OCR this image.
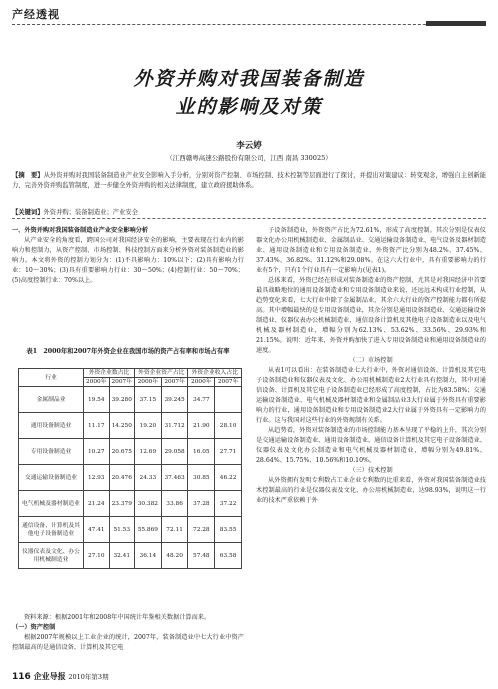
产经透视
外资并购对我国装备制造
业的影响及对策
李云婷
（江西赣粤高速公路股份有限公司，江西 南昌 330025）
【摘　要】从外资并购对我国装备制造业产业安全影响入手分析，分别对资产控制、市场控制、技术控制等层面进行了探讨，并提出对策建议：转变观念，增强自主创新能力，完善外资并购监管制度，进一步健全外资并购的相关法律制度，建立政府援助体系。
【关键词】外资并购；装备制造业；产业安全

一、外资并购对我国装备制造业产业安全影响分析

从产业安全的角度看，跨国公司对我国经济安全的影响，主要表现在行业内的影响力和控制力，从资产控制、市场控制、科技控制方面来分析外资对装备制造业的影响力。本文将外资的控制力划分为：(1)不具影响力：10%以下；(2)具有影响力行业：10～30%；(3)具有重要影响力行业：30～50%；(4)控制行业：50～70%；(5)高度控制行业：70%以上。

表1　2000年和2007年外资企业在我国市场的资产占有率和市场占有率
行业	外资企业数占比		外资企业资产占比		外资企业收入占比	
	2000年	2007年	2000年	2007年	2000年	2007年
金属制品业	19.54	39.280	37.15	39.245	34.77	
通用设备制造业	11.17	14.250	19.20	31.712	21.90	28.10
专用设备制造业	10.27	20.675	12.69	29.058	16.05	27.71
交通运输设备制造业	12.93	20.476	24.33	37.463	30.85	46.22
电气机械及器材制造业	21.24	23.379	30.382	33.86	37.28	37.22
通信设备、计算机及其他电子设备制造业	47.41	51.53	55.869	72.11	72.28	83.55
仪器仪表及文化、办公用机械制造业	27.10	32.41	36.14	48.20	57.48	63.58

资料来源：根据2001年和2008年中国统计年鉴相关数据计算而来。

（一）资产控制

根据2007年规模以上工业企业的统计，2007年，装备制造业中七大行业中资产控制最高的是通信设备、计算机及其它电

子设备制造业，外资资产占比为72.61%，形成了高度控制。其次分别是仪表仪器文化办公用机械制造业、金属制品业、交通运输设备制造业、电气设备及器材制造业、通用设备制造业和专用设备制造业，外资资产比分别为48.2%、37.45%、37.43%、36.82%、31.12%和29.08%。在这六大行业中，具有重要影响力的行业有5个，只有1个行业具有一定影响力(见表1)。

总体来看，外资已经在形成对装备制造业的资产控制，尤其是对我国经济中首要最具战略地位的通用设备制造业和专用设备制造业来说，还远远未构成行业控制，从趋势变化来看，七大行业中除了金属制品业，其余六大行业的资产控制能力都有所提高。其中增幅最快的是专用设备制造业，其余分别是通用设备制造业、交通运输设备制造业、仪器仪表办公机械制造业、通信设备计算机及其他电子设备制造业以及电气机械及器材制造业，增幅分别为62.13%、53.62%、33.56%、29.93%和21.15%。说明：近年来，外资并购加快了进入专用设备制造业和通用设备制造业的速度。

（二）市场控制

从表1可以看出：在装备制造业七大行业中，外资对通信设备、计算机及其它电子设备制造业和仪器仪表及文化、办公用机械制造业2大行业具有控制力，其中对通信设备、计算机及其它电子设备制造业已经形成了高度控制，占比为83.58%；交通运输设备制造业、电气机械及器材制造业和金属制品业3大行业属于外资具有重要影响力的行业，通用设备制造业和专用设备制造业2大行业属于外资具有一定影响力的行业。这与我国对这些行业的外资规制有关系。

从趋势看，外资对装备制造业的市场控制能力基本呈现了平稳的上升，其次分别是交通运输设备制造业、通用设备制造业、通信设备计算机及其它电子设备制造业、仪器仪表及文化办公制造业和电气机械及器材制造业，增幅分别为49.81%、28.64%、15.75%、10.56%和10.10%。

（三）技术控制

从外资拥有发明专利数占工业企业专利数的比重来看，外资对我国装备制造业技术控制最高的行业是仪器仪表及文化、办公用机械制造业，达98.93%，说明这一行业的技术严重依赖于外

116 企业导报 2010年第3期
